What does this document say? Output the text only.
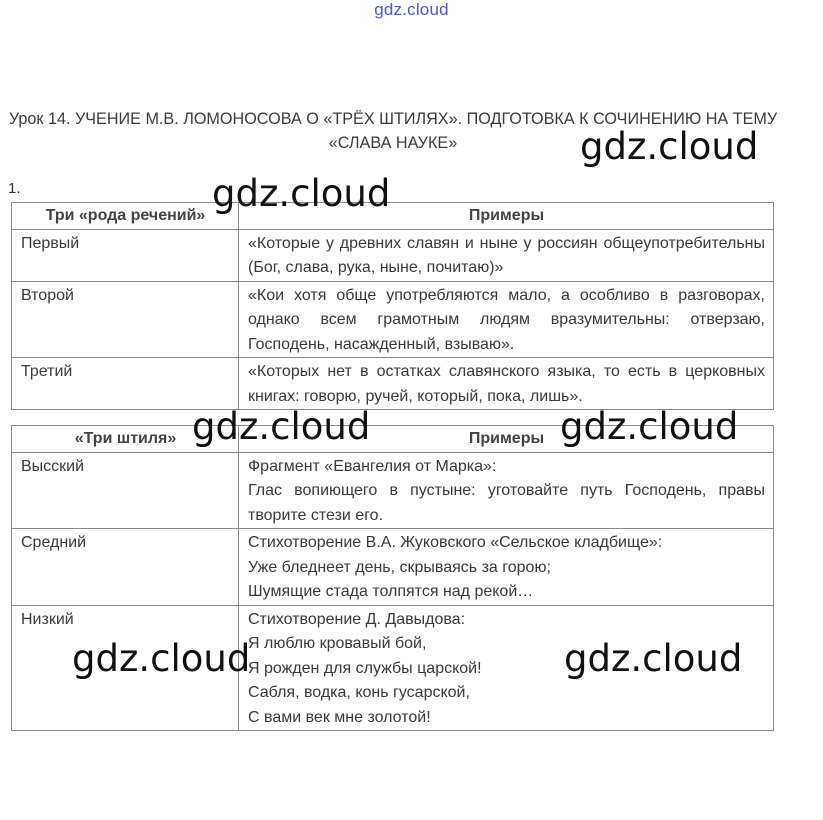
gdz.cloud
Урок 14. УЧЕНИЕ М.В. ЛОМОНОСОВА О «ТРЁХ ШТИЛЯХ». ПОДГОТОВКА К СОЧИНЕНИЮ НА ТЕМУ «СЛАВА НАУКЕ»
1.
Три «рода речений»	Примеры
Первый	«Которые у древних славян и ныне у россиян общеупотребительны (Бог, слава, рука, ныне, почитаю)»

Второй	«Кои хотя обще употребляются мало, а особливо в разговорах, однако всем грамотным людям вразумительны: отверзаю, Господень, насажденный, взываю».

Третий	«Которых нет в остатках славянского языка, то есть в церковных книгах: говорю, ручей, который, пока, лишь».
«Три штиля»	Примеры
Высский	Фрагмент «Евангелия от Марка»:
Глас вопиющего в пустыне: уготовайте путь Господень, правы творите стези его.

Средний	Стихотворение В.А. Жуковского «Сельское кладбище»:
Уже бледнеет день, скрываясь за горою;
Шумящие стада толпятся над рекой…

Низкий	Стихотворение Д. Давыдова:
Я люблю кровавый бой,
Я рожден для службы царской!
Сабля, водка, конь гусарской,
С вами век мне золотой!
gdz.cloud
gdz.cloud
gdz.cloud	gdz.cloud
gdz.cloud	gdz.cloud
